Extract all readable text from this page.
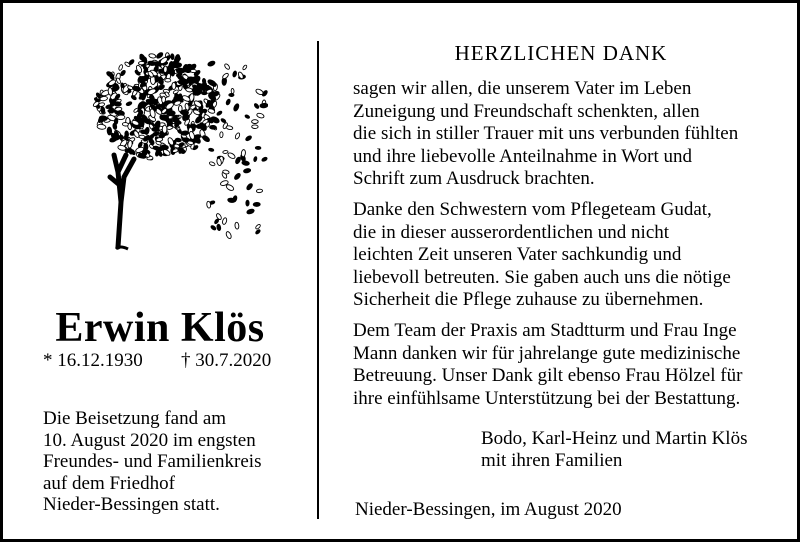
Erwin Klös
* 16.12.1930 † 30.7.2020
Die Beisetzung fand am
10. August 2020 im engsten
Freundes- und Familienkreis
auf dem Friedhof
Nieder-Bessingen statt.
HERZLICHEN DANK
sagen wir allen, die unserem Vater im Leben
Zuneigung und Freundschaft schenkten, allen
die sich in stiller Trauer mit uns verbunden fühlten
und ihre liebevolle Anteilnahme in Wort und
Schrift zum Ausdruck brachten.
Danke den Schwestern vom Pflegeteam Gudat,
die in dieser ausserordentlichen und nicht
leichten Zeit unseren Vater sachkundig und
liebevoll betreuten. Sie gaben auch uns die nötige
Sicherheit die Pflege zuhause zu übernehmen.
Dem Team der Praxis am Stadtturm und Frau Inge
Mann danken wir für jahrelange gute medizinische
Betreuung. Unser Dank gilt ebenso Frau Hölzel für
ihre einfühlsame Unterstützung bei der Bestattung.
Bodo, Karl-Heinz und Martin Klös
mit ihren Familien
Nieder-Bessingen, im August 2020
